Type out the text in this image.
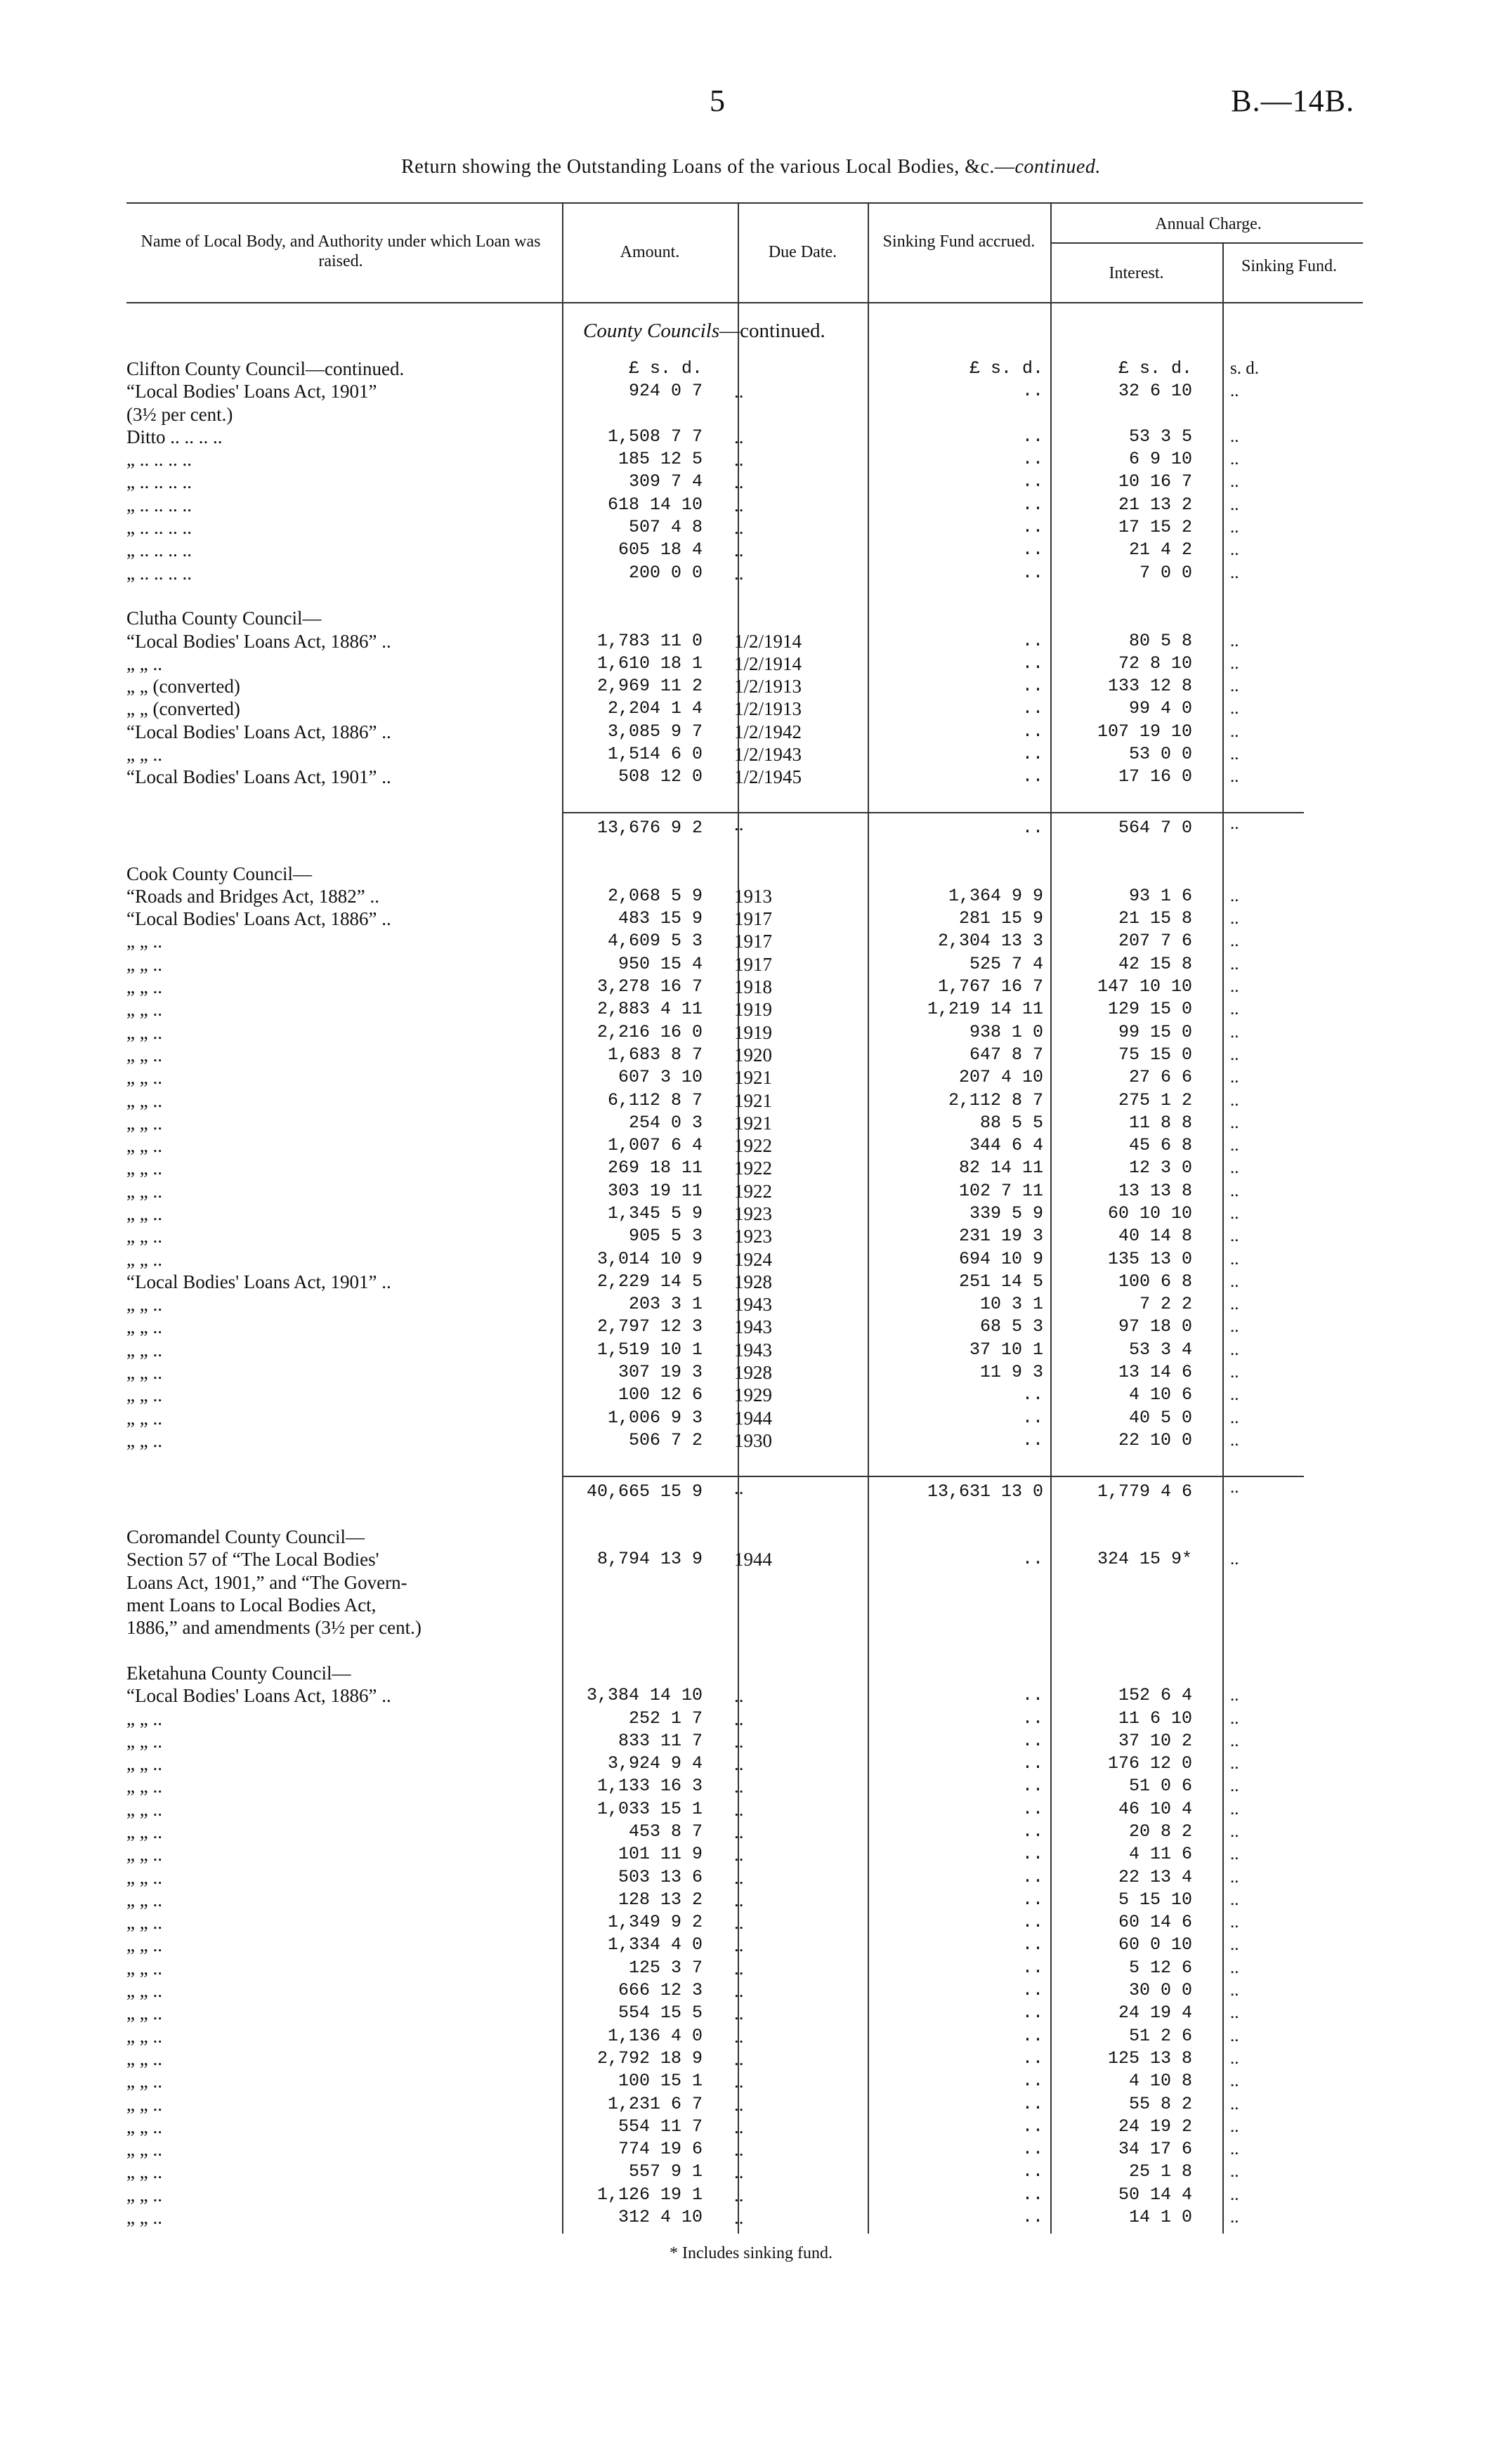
5	B.—14B.
Return showing the Outstanding Loans of the various Local Bodies, &c.—continued.
Name of Local Body, and Authority under which Loan was raised.	Amount.	Due Date.
Sinking Fund accrued.
Annual Charge.
Interest.	Sinking Fund.
County Councils—continued.
Clifton County Council—continued.	£ s. d.		£ s. d.	£ s. d.	s. d.
“Local Bodies' Loans Act, 1901”	924 0 7	..	..	32 6 10	..
(3½ per cent.)					
Ditto .. .. .. ..	1,508 7 7	..	..	53 3 5	..
„ .. .. .. ..	185 12 5	..	..	6 9 10	..
„ .. .. .. ..	309 7 4	..	..	10 16 7	..
„ .. .. .. ..	618 14 10	..	..	21 13 2	..
„ .. .. .. ..	507 4 8	..	..	17 15 2	..
„ .. .. .. ..	605 18 4	..	..	21 4 2	..
„ .. .. .. ..	200 0 0	..	..	7 0 0	..

Clutha County Council—					
“Local Bodies' Loans Act, 1886” ..	1,783 11 0	1/2/1914	..	80 5 8	..
„ „ ..	1,610 18 1	1/2/1914	..	72 8 10	..
„ „ (converted)	2,969 11 2	1/2/1913	..	133 12 8	..
„ „ (converted)	2,204 1 4	1/2/1913	..	99 4 0	..
“Local Bodies' Loans Act, 1886” ..	3,085 9 7	1/2/1942	..	107 19 10	..
„ „ ..	1,514 6 0	1/2/1943	..	53 0 0	..
“Local Bodies' Loans Act, 1901” ..	508 12 0	1/2/1945	..	17 16 0	..

	13,676 9 2	..	..	564 7 0	..

Cook County Council—					
“Roads and Bridges Act, 1882” ..	2,068 5 9	1913	1,364 9 9	93 1 6	..
“Local Bodies' Loans Act, 1886” ..	483 15 9	1917	281 15 9	21 15 8	..
„ „ ..	4,609 5 3	1917	2,304 13 3	207 7 6	..
„ „ ..	950 15 4	1917	525 7 4	42 15 8	..
„ „ ..	3,278 16 7	1918	1,767 16 7	147 10 10	..
„ „ ..	2,883 4 11	1919	1,219 14 11	129 15 0	..
„ „ ..	2,216 16 0	1919	938 1 0	99 15 0	..
„ „ ..	1,683 8 7	1920	647 8 7	75 15 0	..
„ „ ..	607 3 10	1921	207 4 10	27 6 6	..
„ „ ..	6,112 8 7	1921	2,112 8 7	275 1 2	..
„ „ ..	254 0 3	1921	88 5 5	11 8 8	..
„ „ ..	1,007 6 4	1922	344 6 4	45 6 8	..
„ „ ..	269 18 11	1922	82 14 11	12 3 0	..
„ „ ..	303 19 11	1922	102 7 11	13 13 8	..
„ „ ..	1,345 5 9	1923	339 5 9	60 10 10	..
„ „ ..	905 5 3	1923	231 19 3	40 14 8	..
„ „ ..	3,014 10 9	1924	694 10 9	135 13 0	..
“Local Bodies' Loans Act, 1901” ..	2,229 14 5	1928	251 14 5	100 6 8	..
„ „ ..	203 3 1	1943	10 3 1	7 2 2	..
„ „ ..	2,797 12 3	1943	68 5 3	97 18 0	..
„ „ ..	1,519 10 1	1943	37 10 1	53 3 4	..
„ „ ..	307 19 3	1928	11 9 3	13 14 6	..
„ „ ..	100 12 6	1929	..	4 10 6	..
„ „ ..	1,006 9 3	1944	..	40 5 0	..
„ „ ..	506 7 2	1930	..	22 10 0	..

	40,665 15 9	..	13,631 13 0	1,779 4 6	..

Coromandel County Council—					
Section 57 of “The Local Bodies'	8,794 13 9	1944	..	324 15 9*	..
Loans Act, 1901,” and “The Govern-					
ment Loans to Local Bodies Act,					
1886,” and amendments (3½ per cent.)					

Eketahuna County Council—					
“Local Bodies' Loans Act, 1886” ..	3,384 14 10	..	..	152 6 4	..
„ „ ..	252 1 7	..	..	11 6 10	..
„ „ ..	833 11 7	..	..	37 10 2	..
„ „ ..	3,924 9 4	..	..	176 12 0	..
„ „ ..	1,133 16 3	..	..	51 0 6	..
„ „ ..	1,033 15 1	..	..	46 10 4	..
„ „ ..	453 8 7	..	..	20 8 2	..
„ „ ..	101 11 9	..	..	4 11 6	..
„ „ ..	503 13 6	..	..	22 13 4	..
„ „ ..	128 13 2	..	..	5 15 10	..
„ „ ..	1,349 9 2	..	..	60 14 6	..
„ „ ..	1,334 4 0	..	..	60 0 10	..
„ „ ..	125 3 7	..	..	5 12 6	..
„ „ ..	666 12 3	..	..	30 0 0	..
„ „ ..	554 15 5	..	..	24 19 4	..
„ „ ..	1,136 4 0	..	..	51 2 6	..
„ „ ..	2,792 18 9	..	..	125 13 8	..
„ „ ..	100 15 1	..	..	4 10 8	..
„ „ ..	1,231 6 7	..	..	55 8 2	..
„ „ ..	554 11 7	..	..	24 19 2	..
„ „ ..	774 19 6	..	..	34 17 6	..
„ „ ..	557 9 1	..	..	25 1 8	..
„ „ ..	1,126 19 1	..	..	50 14 4	..
„ „ ..	312 4 10	..	..	14 1 0	..
* Includes sinking fund.
